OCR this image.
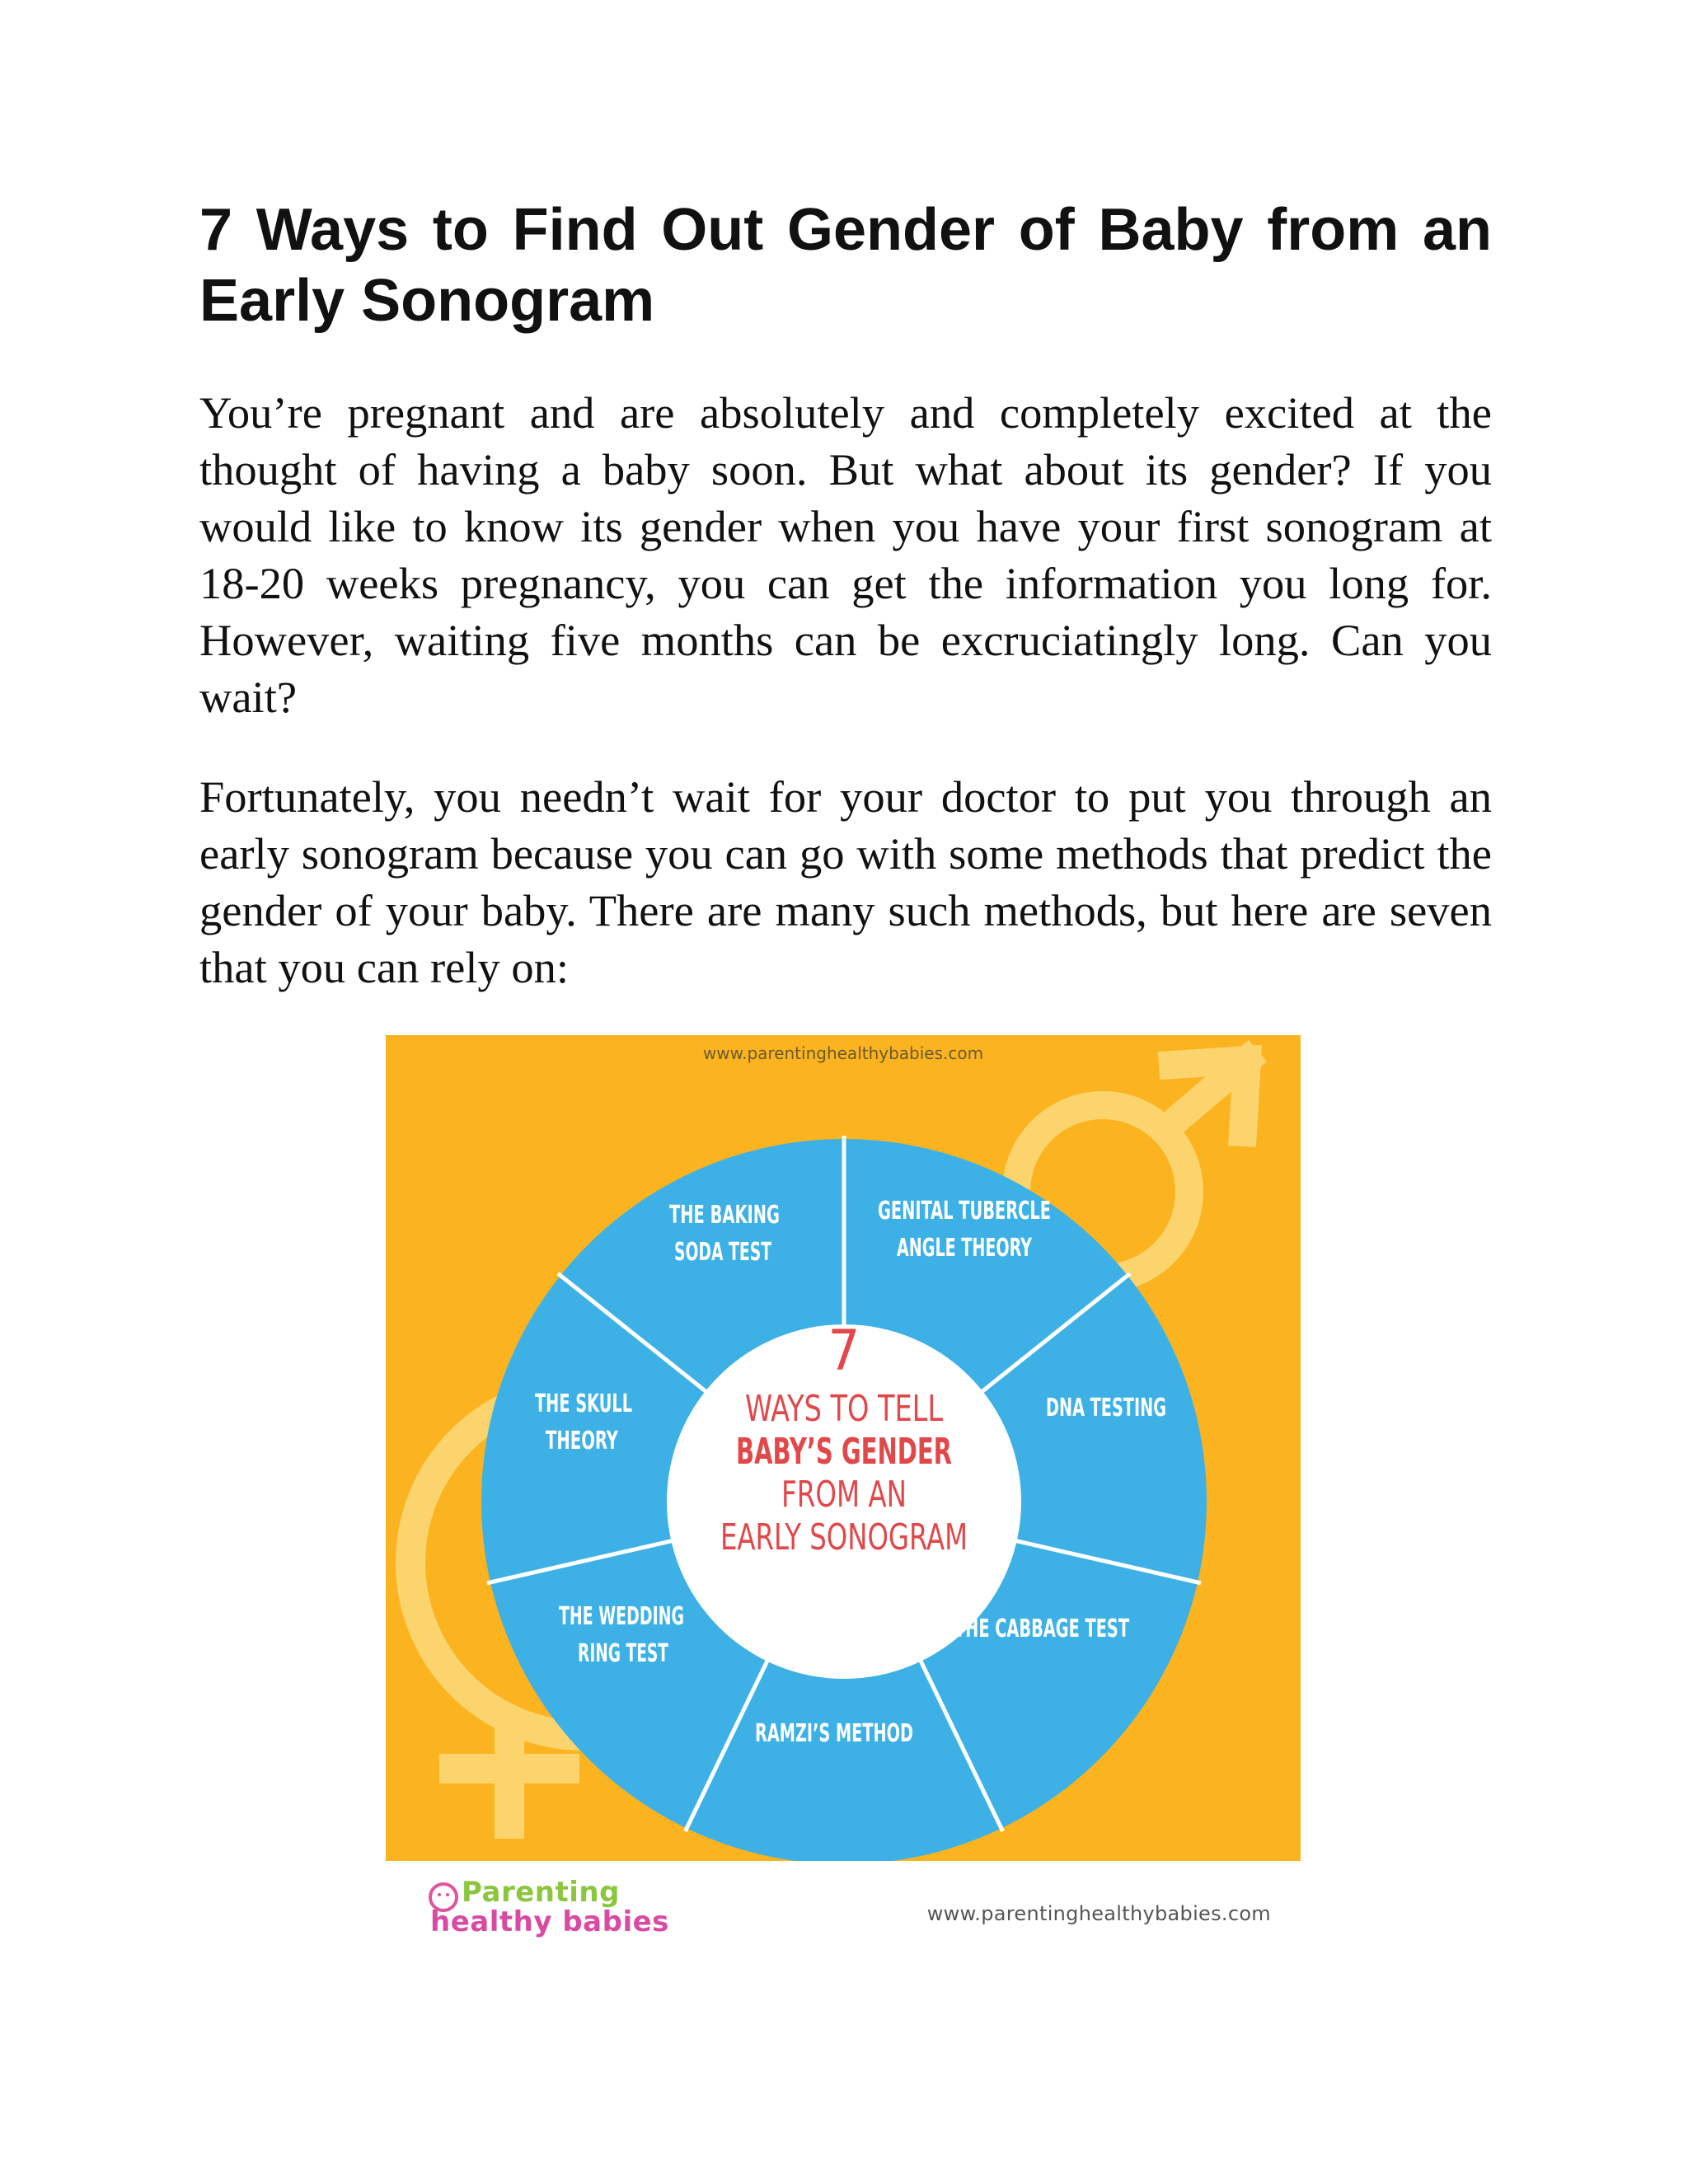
7 Ways to Find Out Gender of Baby from an Early Sonogram

You’re pregnant and are absolutely and completely excited at the thought of having a baby soon. But what about its gender? If you would like to know its gender when you have your first sonogram at 18-20 weeks pregnancy, you can get the information you long for. However, waiting five months can be excruciatingly long. Can you wait?

Fortunately, you needn’t wait for your doctor to put you through an early sonogram because you can go with some methods that predict the gender of your baby. There are many such methods, but here are seven that you can rely on:

www.parentinghealthybabies.com
7
WAYS TO TELL
BABY’S GENDER
FROM AN
EARLY SONOGRAM
GENITAL TUBERCLE
ANGLE THEORY
DNA TESTING
THE CABBAGE TEST
RAMZI’S METHOD
THE WEDDING
RING TEST
THE SKULL
THEORY
THE BAKING
SODA TEST
Parenting
healthy babies	www.parentinghealthybabies.com
